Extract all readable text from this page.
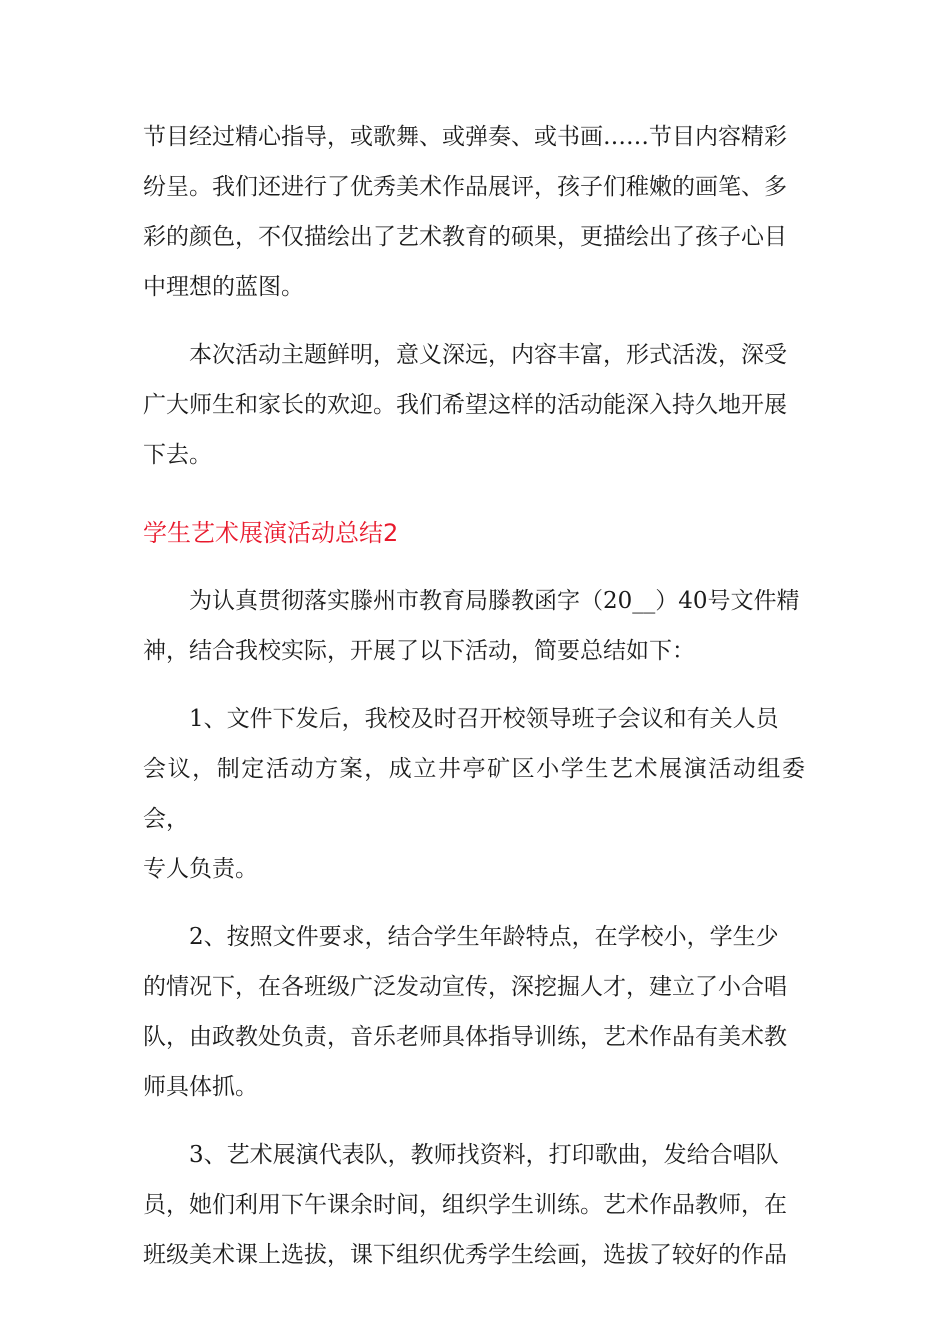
节目经过精心指导，或歌舞、或弹奏、或书画……节目内容精彩
纷呈。我们还进行了优秀美术作品展评，孩子们稚嫩的画笔、多
彩的颜色，不仅描绘出了艺术教育的硕果，更描绘出了孩子心目
中理想的蓝图。
本次活动主题鲜明，意义深远，内容丰富，形式活泼，深受
广大师生和家长的欢迎。我们希望这样的活动能深入持久地开展
下去。
学生艺术展演活动总结2
为认真贯彻落实滕州市教育局滕教函字（20__）40号文件精
神，结合我校实际，开展了以下活动，简要总结如下：
1、文件下发后，我校及时召开校领导班子会议和有关人员
会议，制定活动方案，成立井亭矿区小学生艺术展演活动组委会，
专人负责。
2、按照文件要求，结合学生年龄特点，在学校小，学生少
的情况下，在各班级广泛发动宣传，深挖掘人才，建立了小合唱
队，由政教处负责，音乐老师具体指导训练，艺术作品有美术教
师具体抓。
3、艺术展演代表队，教师找资料，打印歌曲，发给合唱队
员，她们利用下午课余时间，组织学生训练。艺术作品教师，在
班级美术课上选拔，课下组织优秀学生绘画，选拔了较好的作品
